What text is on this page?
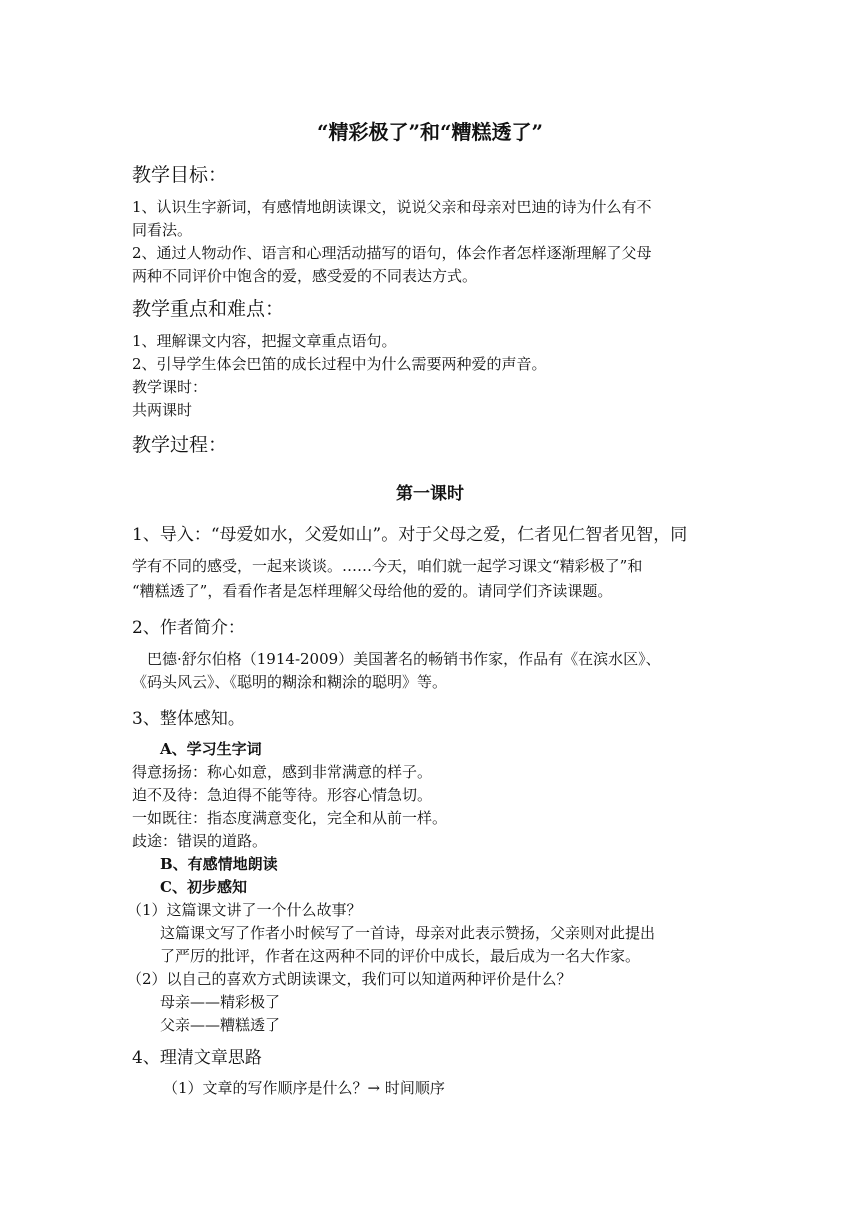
“精彩极了”和“糟糕透了”
教学目标：
1、认识生字新词，有感情地朗读课文，说说父亲和母亲对巴迪的诗为什么有不
同看法。
2、通过人物动作、语言和心理活动描写的语句，体会作者怎样逐渐理解了父母
两种不同评价中饱含的爱，感受爱的不同表达方式。
教学重点和难点：
1、理解课文内容，把握文章重点语句。
2、引导学生体会巴笛的成长过程中为什么需要两种爱的声音。
教学课时：
共两课时
教学过程：
第一课时
1、导入：“母爱如水，父爱如山”。对于父母之爱，仁者见仁智者见智，同
学有不同的感受，一起来谈谈。……今天，咱们就一起学习课文“精彩极了”和
“糟糕透了”，看看作者是怎样理解父母给他的爱的。请同学们齐读课题。
2、作者简介：
巴德·舒尔伯格（1914-2009）美国著名的畅销书作家，作品有《在滨水区》、
《码头风云》、《聪明的糊涂和糊涂的聪明》等。
3、整体感知。
A、学习生字词
得意扬扬：称心如意，感到非常满意的样子。
迫不及待：急迫得不能等待。形容心情急切。
一如既往：指态度满意变化，完全和从前一样。
歧途：错误的道路。
B、有感情地朗读
C、初步感知
（1）这篇课文讲了一个什么故事？
这篇课文写了作者小时候写了一首诗，母亲对此表示赞扬，父亲则对此提出
了严厉的批评，作者在这两种不同的评价中成长，最后成为一名大作家。
（2）以自己的喜欢方式朗读课文，我们可以知道两种评价是什么？
母亲——精彩极了
父亲——糟糕透了
4、理清文章思路
（1）文章的写作顺序是什么？→ 时间顺序
